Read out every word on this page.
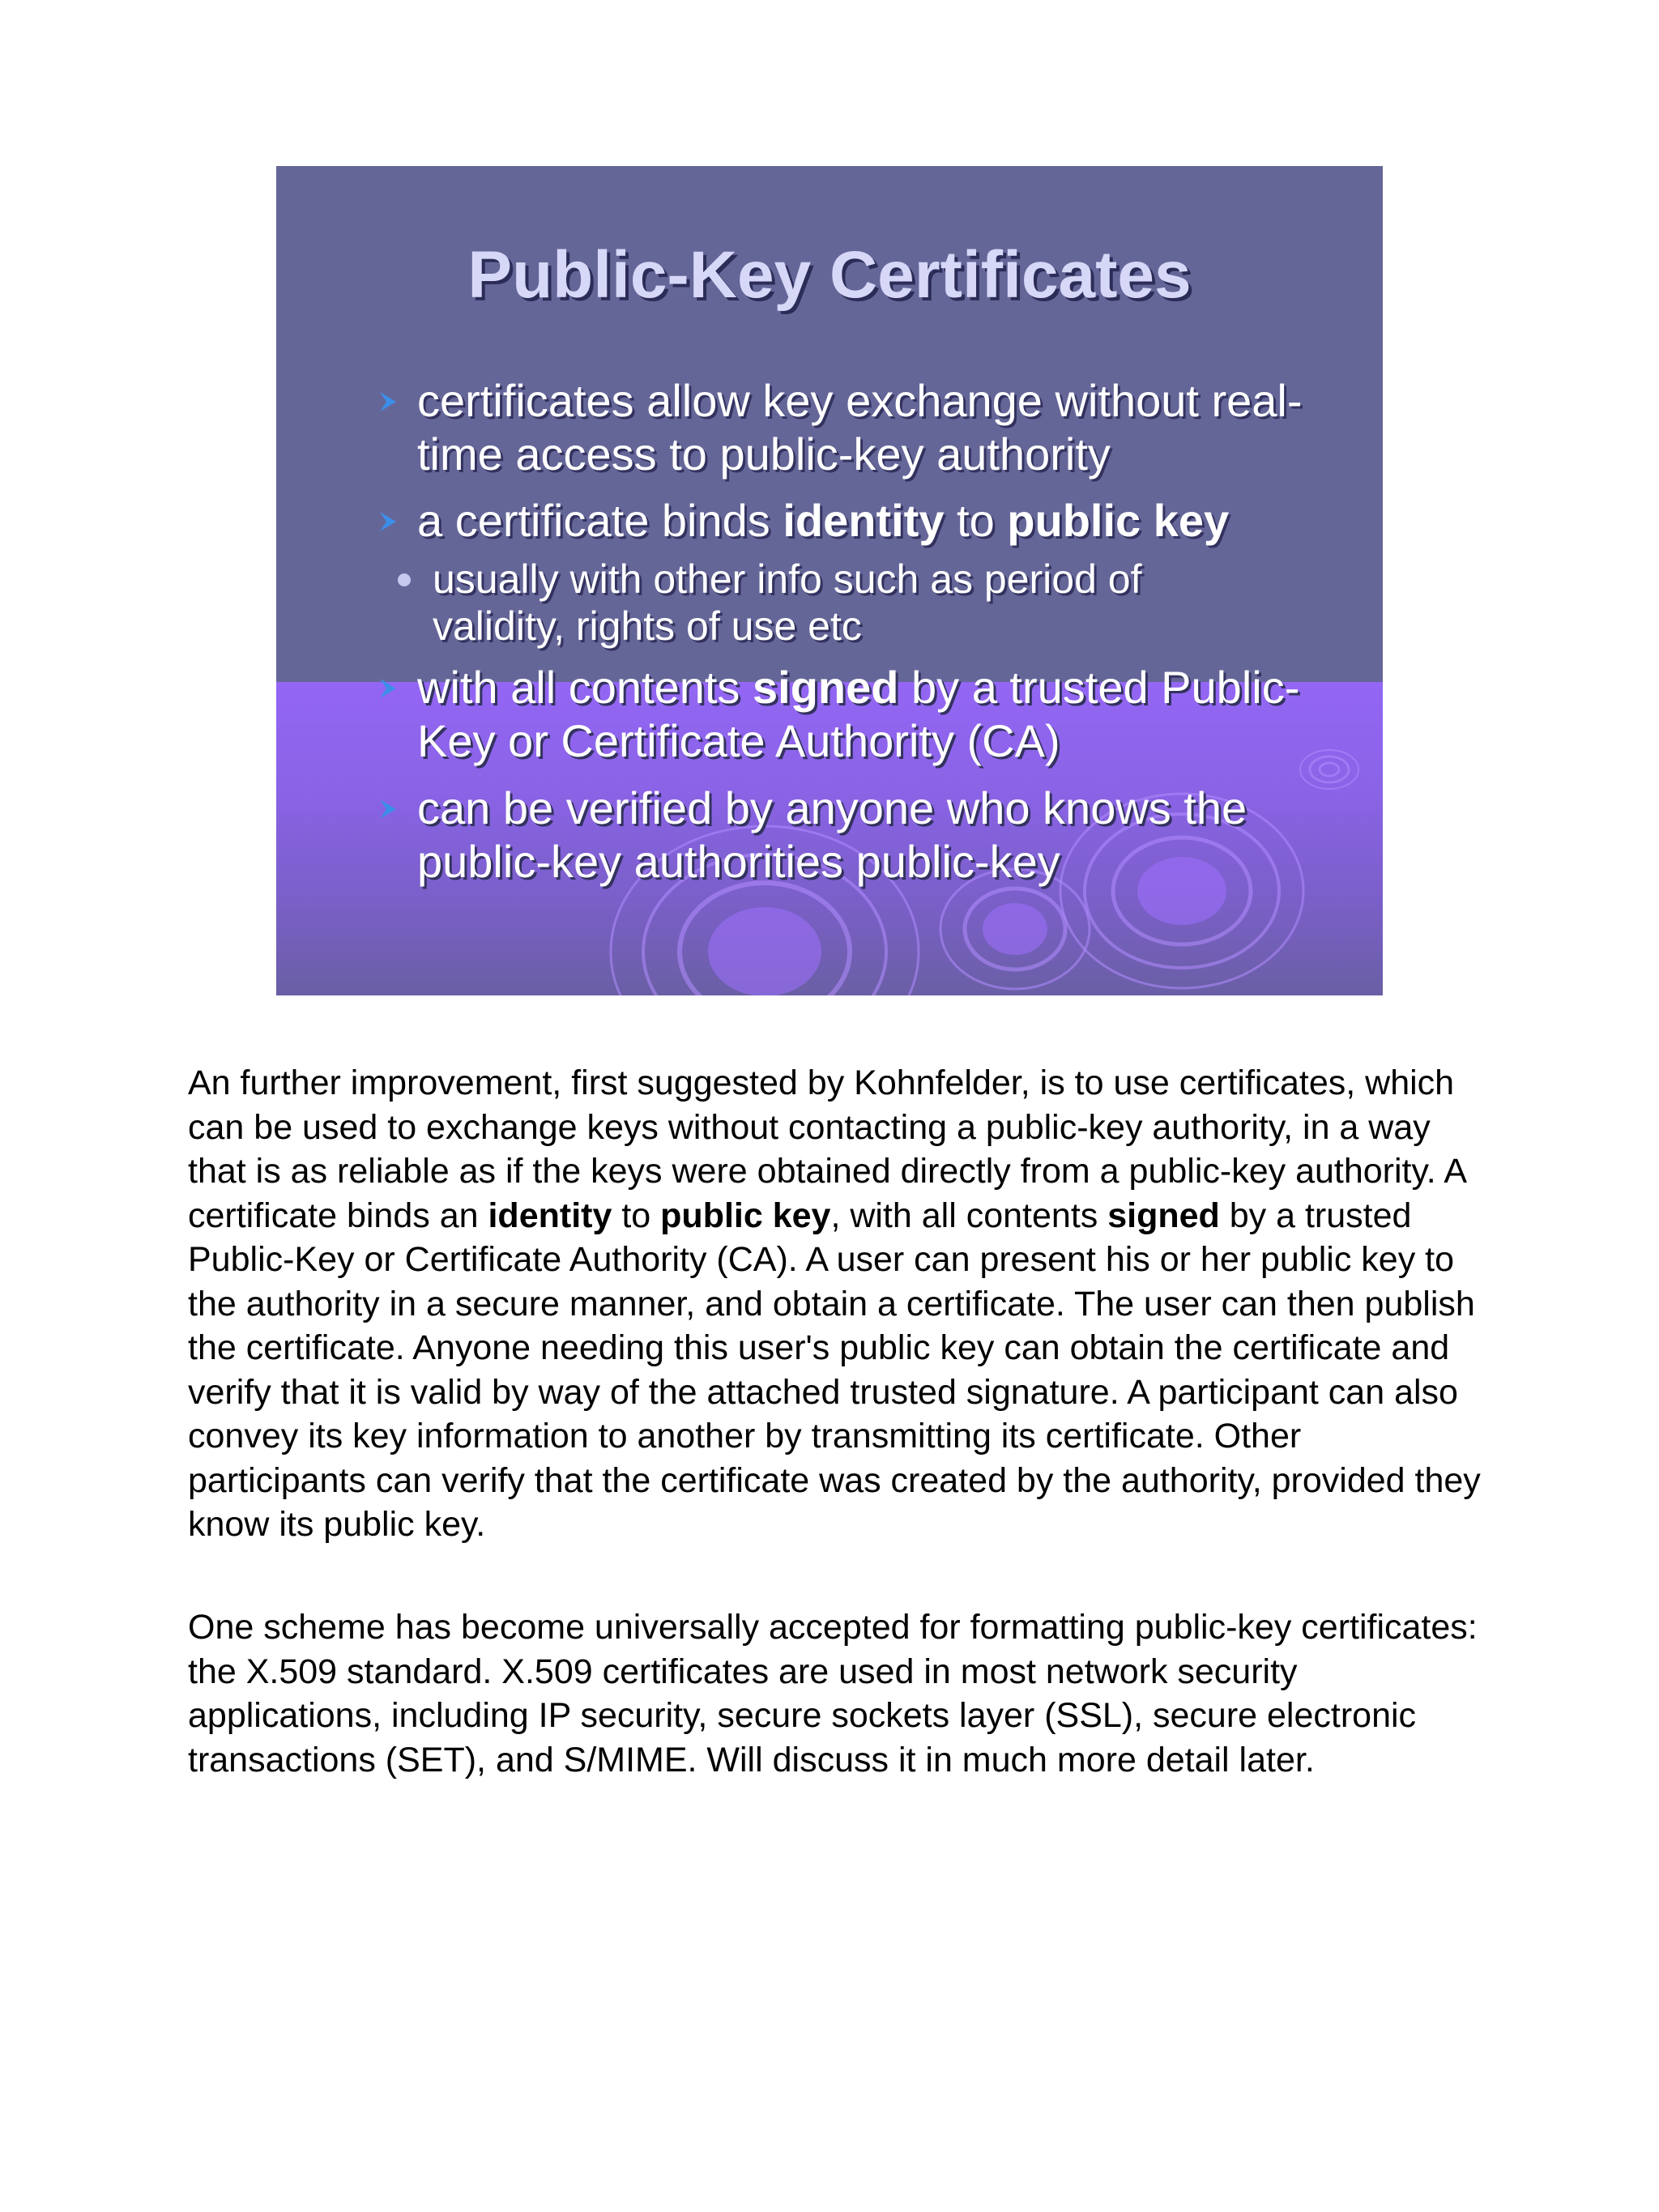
Public-Key Certificates
certificates allow key exchange without real-time access to public-key authority
a certificate binds identity to public key
usually with other info such as period of validity, rights of use etc
with all contents signed by a trusted Public-Key or Certificate Authority (CA)
can be verified by anyone who knows the public-key authorities public-key
An further improvement, first suggested by Kohnfelder, is to use certificates, which can be used to exchange keys without contacting a public-key authority, in a way that is as reliable as if the keys were obtained directly from a public-key authority. A certificate binds an identity to public key, with all contents signed by a trusted Public-Key or Certificate Authority (CA). A user can present his or her public key to the authority in a secure manner, and obtain a certificate. The user can then publish the certificate. Anyone needing this user's public key can obtain the certificate and verify that it is valid by way of the attached trusted signature. A participant can also convey its key information to another by transmitting its certificate. Other participants can verify that the certificate was created by the authority, provided they know its public key.
One scheme has become universally accepted for formatting public-key certificates: the X.509 standard. X.509 certificates are used in most network security applications, including IP security, secure sockets layer (SSL), secure electronic transactions (SET), and S/MIME. Will discuss it in much more detail later.
